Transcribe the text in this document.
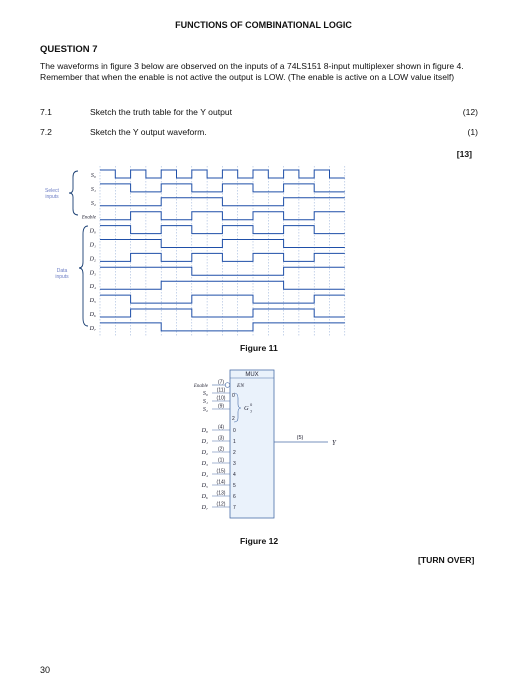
FUNCTIONS OF COMBINATIONAL LOGIC
QUESTION 7
The waveforms in figure 3 below are observed on the inputs of a 74LS151 8-input multiplexer shown in figure 4. Remember that when the enable is not active the output is LOW. (The enable is active on a LOW value itself)
7.1	Sketch the truth table for the Y output	(12)
7.2	Sketch the Y output waveform.	(1)
[13]
S₀
S₁
S₂
Enable
D₀
D₁
D₂
D₃
D₄
D₅
D₆
D₇
Select
inputs
Data
inputs
Figure 11
MUX
EN
0
2
G
0
7
Enable
(7)
S₀
(11)
S₁
(10)
S₂
(9)
D₀
(4)
0
D₁
(3)
1
D₂
(2)
2
D₃
(1)
3
D₄
(15)
4
D₅
(14)
5
D₆
(13)
6
D₇
(12)
7
(5)
Y
Figure 12
[TURN OVER]
30
